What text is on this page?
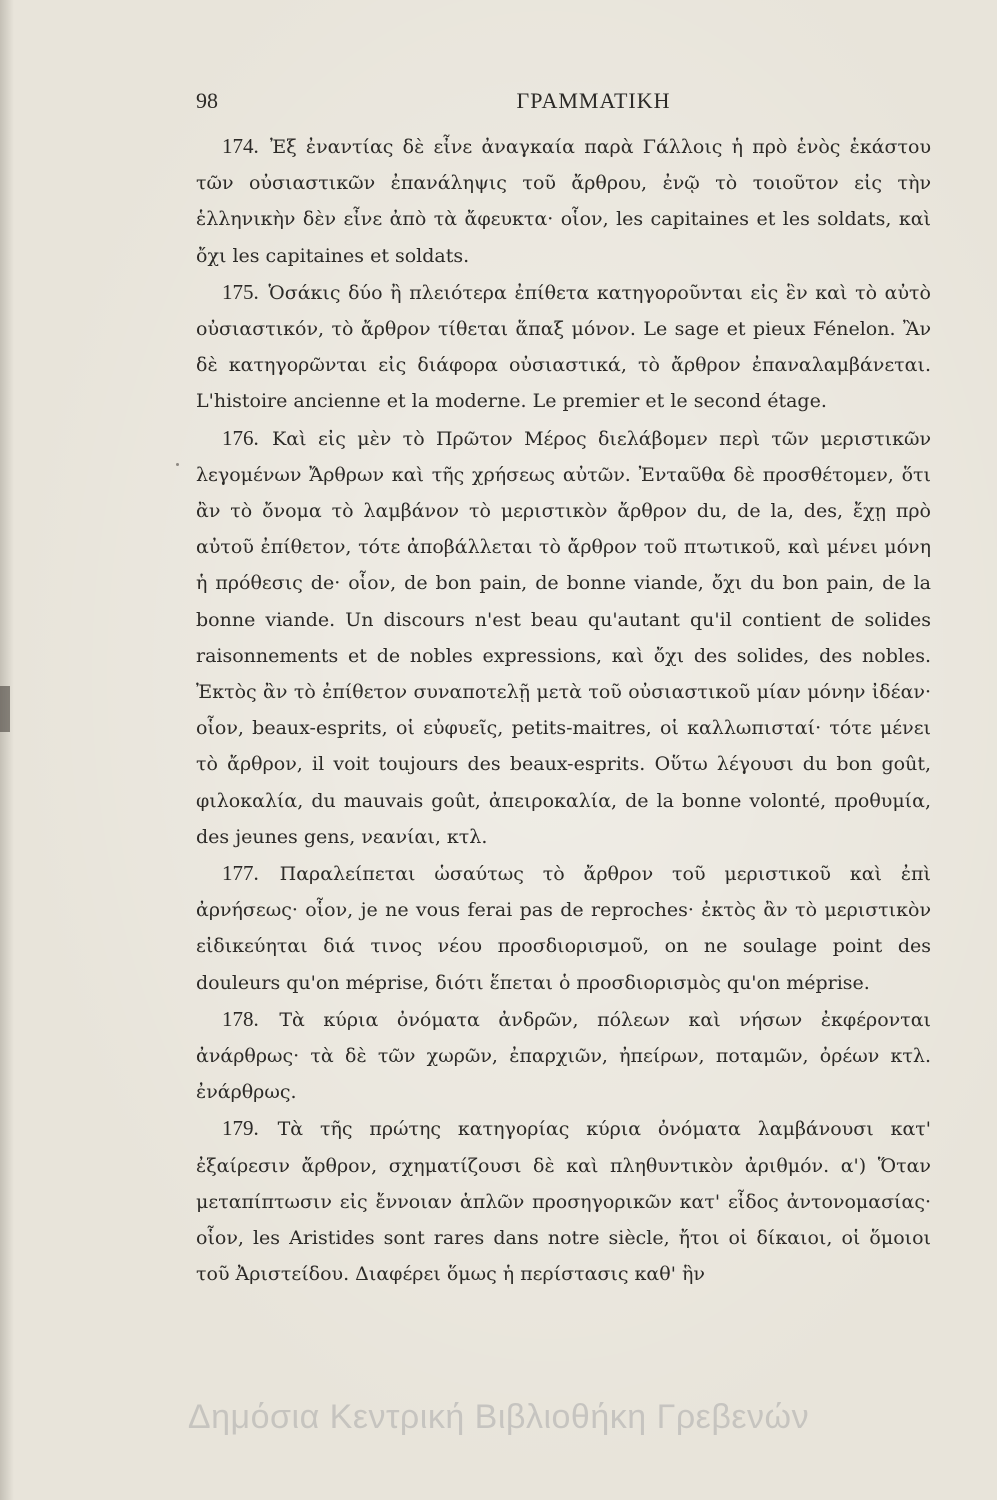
98	ΓΡΑΜΜΑΤΙΚΗ

174. Ἐξ ἐναντίας δὲ εἶνε ἀναγκαία παρὰ Γάλλοις ἡ πρὸ ἑνὸς ἑκάστου τῶν οὐσιαστικῶν ἐπανάληψις τοῦ ἄρθρου, ἐνῷ τὸ τοιοῦτον εἰς τὴν ἑλληνικὴν δὲν εἶνε ἀπὸ τὰ ἄφευκτα· οἷον, les capitaines et les soldats, καὶ ὄχι les capitaines et soldats.

175. Ὁσάκις δύο ἢ πλειότερα ἐπίθετα κατηγοροῦνται εἰς ἓν καὶ τὸ αὐτὸ οὐσιαστικόν, τὸ ἄρθρον τίθεται ἅπαξ μόνον. Le sage et pieux Fénelon. Ἂν δὲ κατηγορῶνται εἰς διάφορα οὐσιαστικά, τὸ ἄρθρον ἐπαναλαμβάνεται. L'histoire ancienne et la moderne. Le premier et le second étage.

176. Καὶ εἰς μὲν τὸ Πρῶτον Μέρος διελάβομεν περὶ τῶν μεριστικῶν λεγομένων Ἄρθρων καὶ τῆς χρήσεως αὐτῶν. Ἐνταῦθα δὲ προσθέτομεν, ὅτι ἂν τὸ ὄνομα τὸ λαμβάνον τὸ μεριστικὸν ἄρθρον du, de la, des, ἔχῃ πρὸ αὐτοῦ ἐπίθετον, τότε ἀποβάλλεται τὸ ἄρθρον τοῦ πτωτικοῦ, καὶ μένει μόνη ἡ πρόθεσις de· οἷον, de bon pain, de bonne viande, ὄχι du bon pain, de la bonne viande. Un discours n'est beau qu'autant qu'il contient de solides raisonnements et de nobles expressions, καὶ ὄχι des solides, des nobles. Ἐκτὸς ἂν τὸ ἐπίθετον συναποτελῇ μετὰ τοῦ οὐσιαστικοῦ μίαν μόνην ἰδέαν· οἷον, beaux-esprits, οἱ εὐφυεῖς, petits-maitres, οἱ καλλωπισταί· τότε μένει τὸ ἄρθρον, il voit toujours des beaux-esprits. Οὕτω λέγουσι du bon goût, φιλοκαλία, du mauvais goût, ἀπειροκαλία, de la bonne volonté, προθυμία, des jeunes gens, νεανίαι, κτλ.

177. Παραλείπεται ὡσαύτως τὸ ἄρθρον τοῦ μεριστικοῦ καὶ ἐπὶ ἀρνήσεως· οἷον, je ne vous ferai pas de reproches· ἐκτὸς ἂν τὸ μεριστικὸν εἰδικεύηται διά τινος νέου προσδιορισμοῦ, on ne soulage point des douleurs qu'on méprise, διότι ἕπεται ὁ προσδιορισμὸς qu'on méprise.

178. Τὰ κύρια ὀνόματα ἀνδρῶν, πόλεων καὶ νήσων ἐκφέρονται ἀνάρθρως· τὰ δὲ τῶν χωρῶν, ἐπαρχιῶν, ἠπείρων, ποταμῶν, ὀρέων κτλ. ἐνάρθρως.

179. Τὰ τῆς πρώτης κατηγορίας κύρια ὀνόματα λαμβάνουσι κατ' ἐξαίρεσιν ἄρθρον, σχηματίζουσι δὲ καὶ πληθυντικὸν ἀριθμόν. α') Ὅταν μεταπίπτωσιν εἰς ἔννοιαν ἁπλῶν προσηγορικῶν κατ' εἶδος ἀντονομασίας· οἷον, les Aristides sont rares dans notre siècle, ἤτοι οἱ δίκαιοι, οἱ ὅμοιοι τοῦ Ἀριστείδου. Διαφέρει ὅμως ἡ περίστασις καθ' ἣν

Δημόσια Κεντρική Βιβλιοθήκη Γρεβενών
